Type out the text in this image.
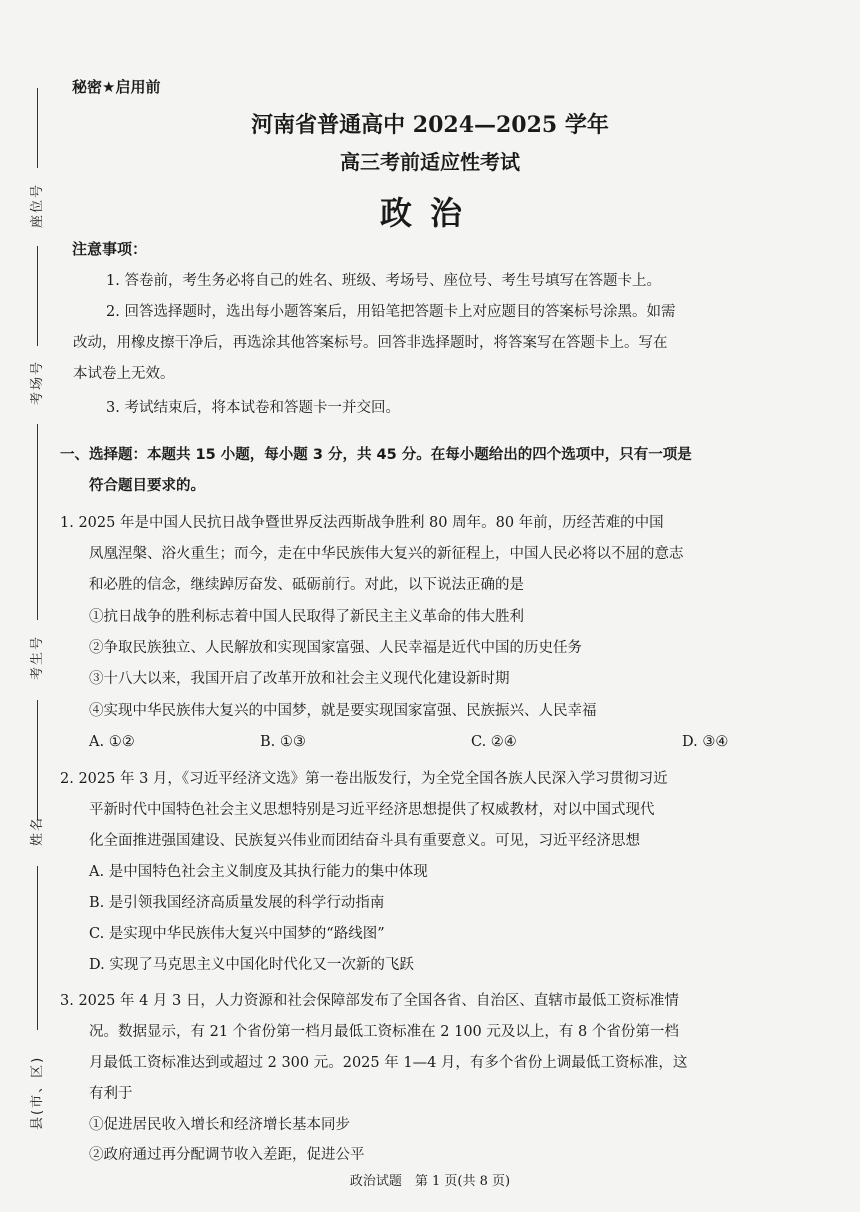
座位号
考场号
考生号
姓名
县(市、区)
秘密★启用前
河南省普通高中 2024—2025 学年
高三考前适应性考试
政治
注意事项：
1. 答卷前，考生务必将自己的姓名、班级、考场号、座位号、考生号填写在答题卡上。
2. 回答选择题时，选出每小题答案后，用铅笔把答题卡上对应题目的答案标号涂黑。如需
改动，用橡皮擦干净后，再选涂其他答案标号。回答非选择题时，将答案写在答题卡上。写在
本试卷上无效。
3. 考试结束后，将本试卷和答题卡一并交回。
一、选择题：本题共 15 小题，每小题 3 分，共 45 分。在每小题给出的四个选项中，只有一项是
符合题目要求的。
1. 2025 年是中国人民抗日战争暨世界反法西斯战争胜利 80 周年。80 年前，历经苦难的中国
凤凰涅槃、浴火重生；而今，走在中华民族伟大复兴的新征程上，中国人民必将以不屈的意志
和必胜的信念，继续踔厉奋发、砥砺前行。对此，以下说法正确的是
①抗日战争的胜利标志着中国人民取得了新民主主义革命的伟大胜利
②争取民族独立、人民解放和实现国家富强、人民幸福是近代中国的历史任务
③十八大以来，我国开启了改革开放和社会主义现代化建设新时期
④实现中华民族伟大复兴的中国梦，就是要实现国家富强、民族振兴、人民幸福
A. ①②	B. ①③	C. ②④	D. ③④
2. 2025 年 3 月，《习近平经济文选》第一卷出版发行，为全党全国各族人民深入学习贯彻习近
平新时代中国特色社会主义思想特别是习近平经济思想提供了权威教材，对以中国式现代
化全面推进强国建设、民族复兴伟业而团结奋斗具有重要意义。可见，习近平经济思想
A. 是中国特色社会主义制度及其执行能力的集中体现
B. 是引领我国经济高质量发展的科学行动指南
C. 是实现中华民族伟大复兴中国梦的“路线图”
D. 实现了马克思主义中国化时代化又一次新的飞跃
3. 2025 年 4 月 3 日，人力资源和社会保障部发布了全国各省、自治区、直辖市最低工资标准情
况。数据显示，有 21 个省份第一档月最低工资标准在 2 100 元及以上，有 8 个省份第一档
月最低工资标准达到或超过 2 300 元。2025 年 1—4 月，有多个省份上调最低工资标准，这
有利于
①促进居民收入增长和经济增长基本同步
②政府通过再分配调节收入差距，促进公平
政治试题　第 1 页(共 8 页)
